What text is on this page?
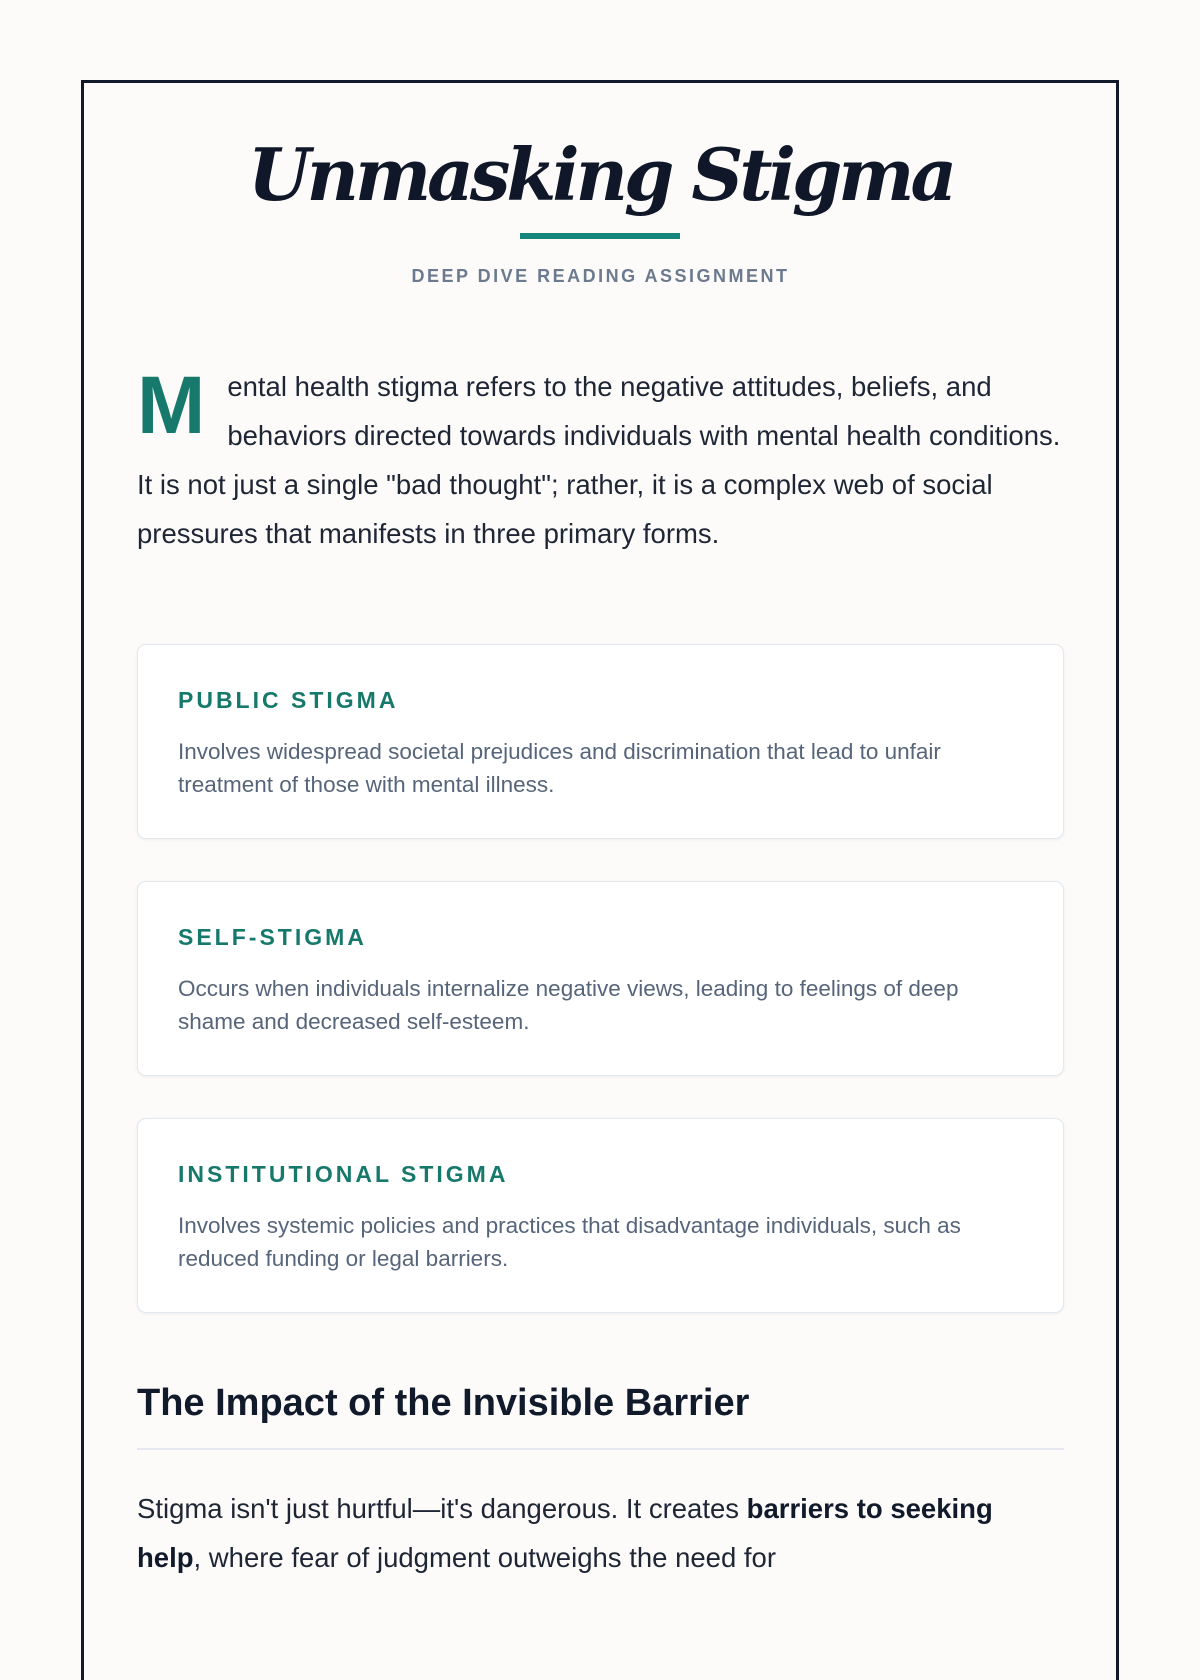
Unmasking Stigma
DEEP DIVE READING ASSIGNMENT

Mental health stigma refers to the negative attitudes, beliefs, and behaviors directed towards individuals with mental health conditions. It is not just a single "bad thought"; rather, it is a complex web of social pressures that manifests in three primary forms.

PUBLIC STIGMA

Involves widespread societal prejudices and discrimination that lead to unfair treatment of those with mental illness.

SELF-STIGMA

Occurs when individuals internalize negative views, leading to feelings of deep shame and decreased self-esteem.

INSTITUTIONAL STIGMA

Involves systemic policies and practices that disadvantage individuals, such as reduced funding or legal barriers.

The Impact of the Invisible Barrier

Stigma isn't just hurtful—it's dangerous. It creates barriers to seeking help, where fear of judgment outweighs the need for
